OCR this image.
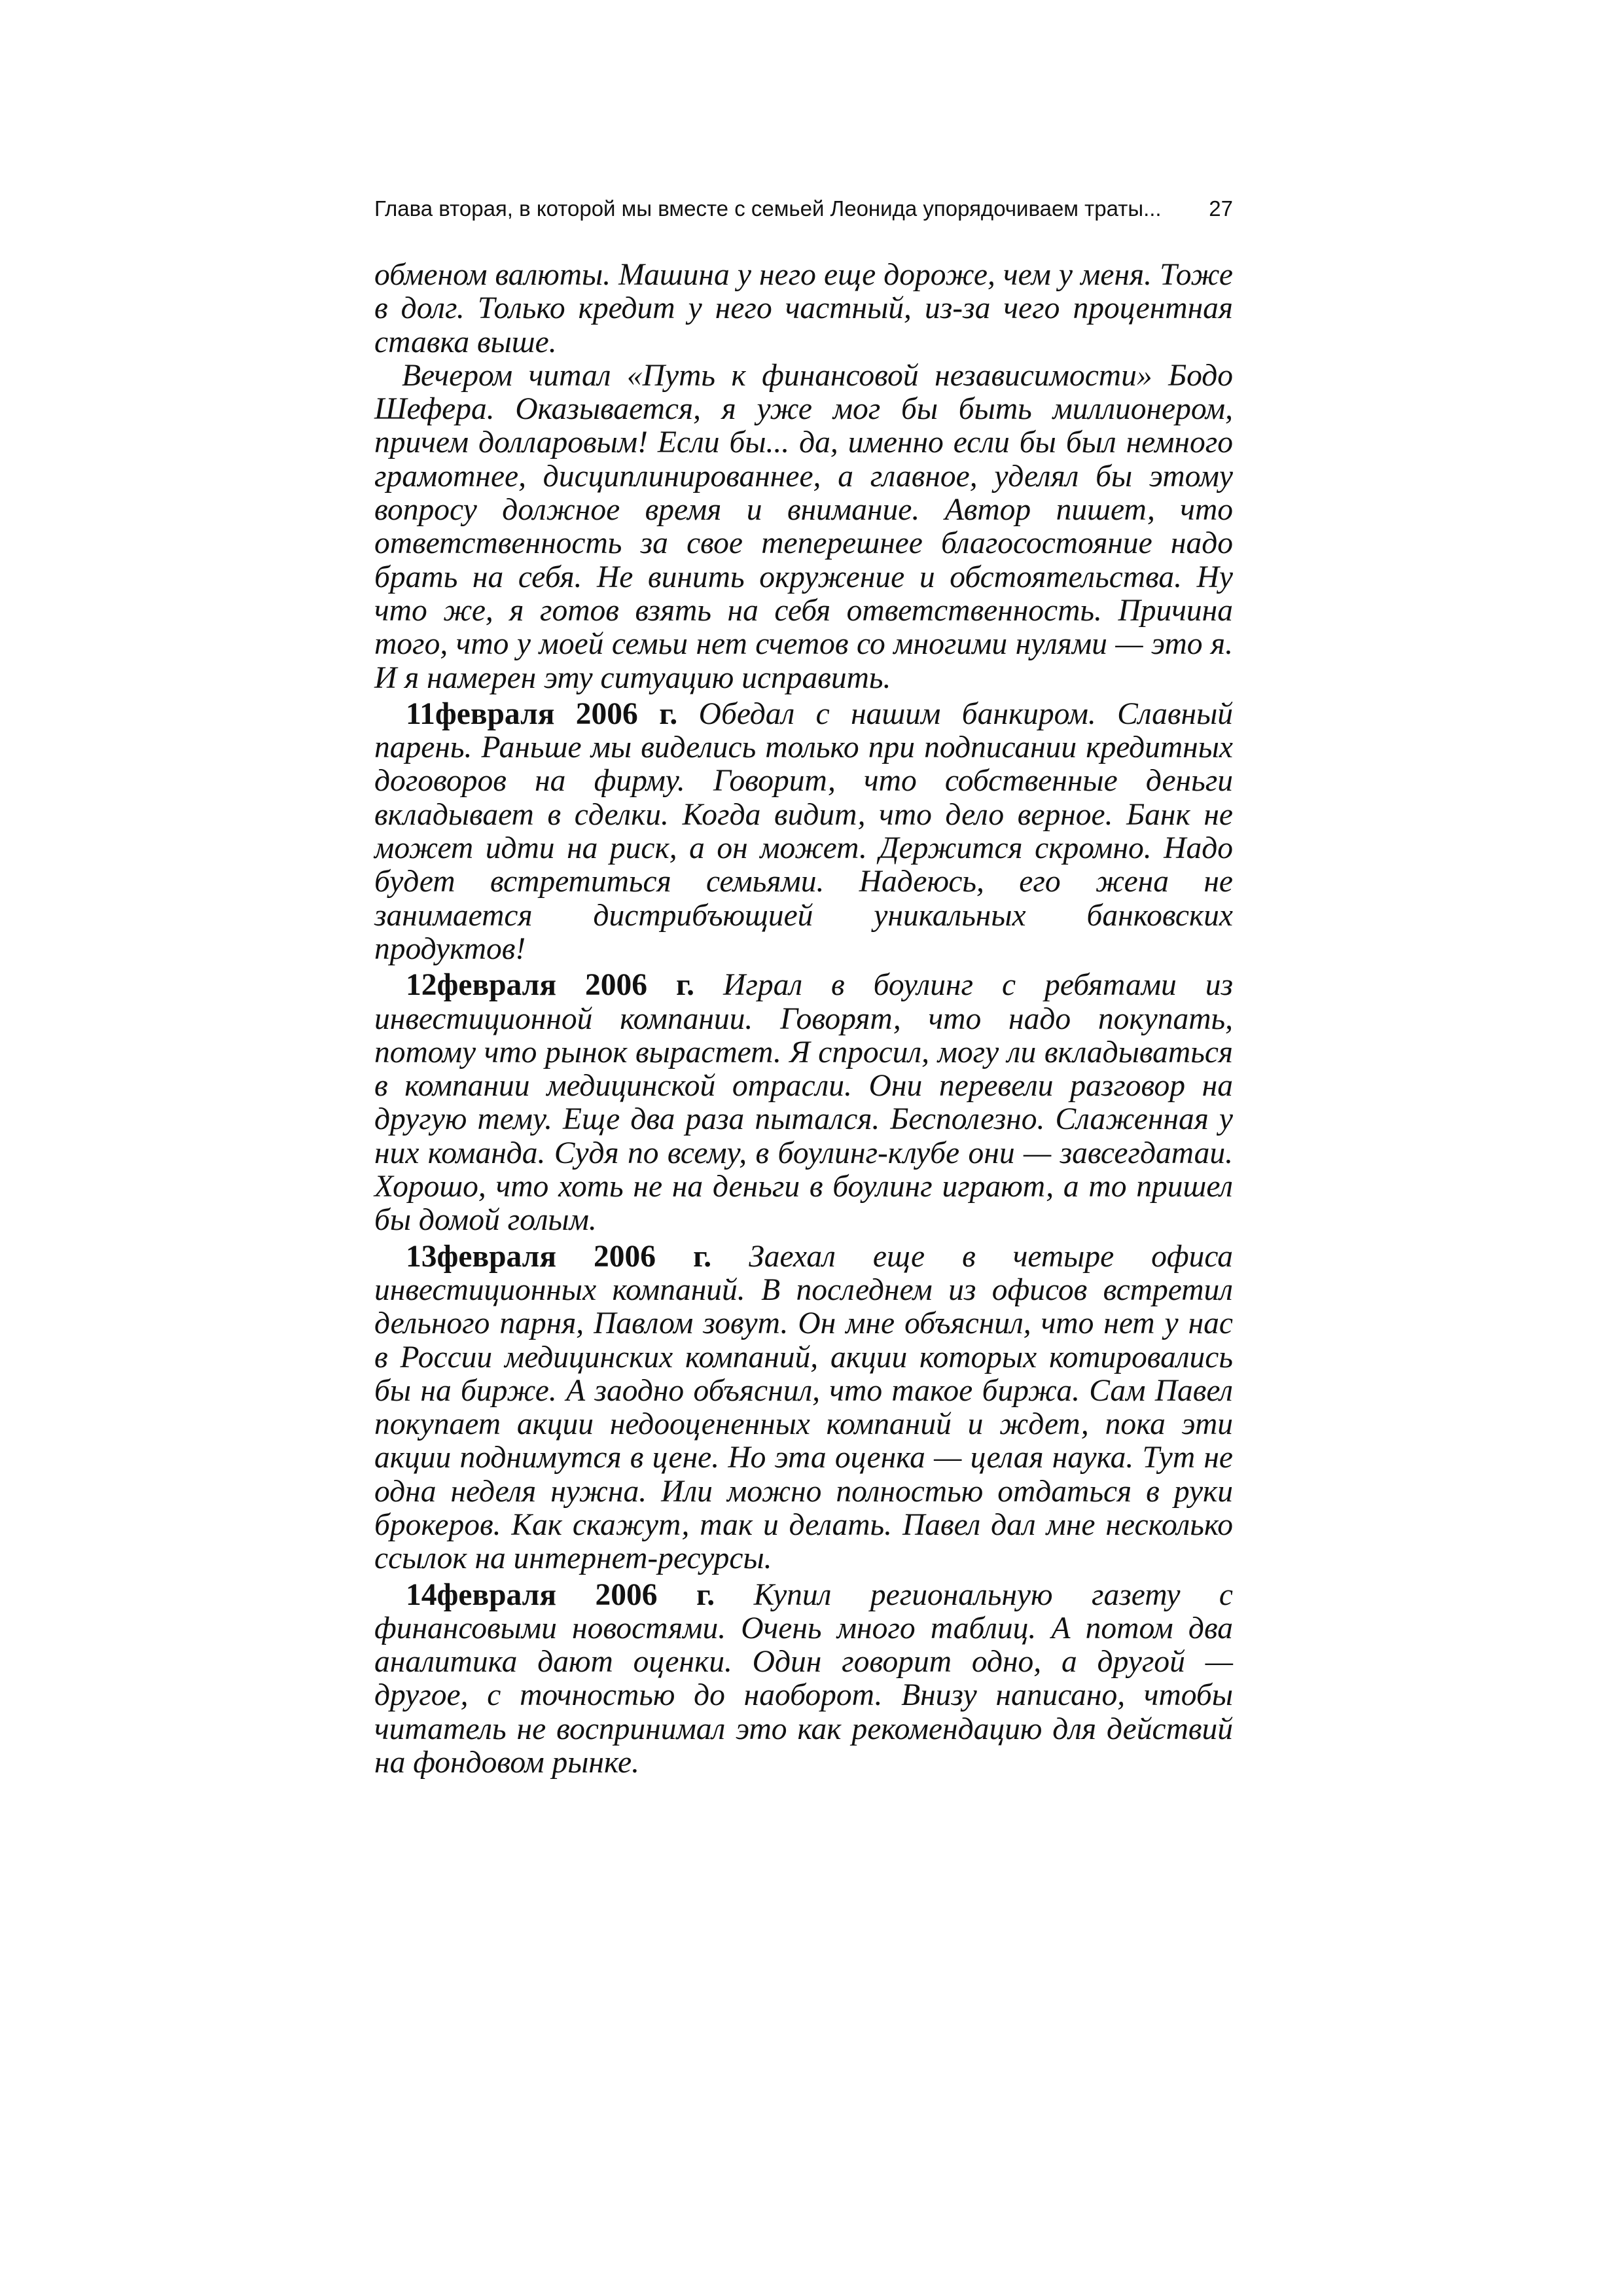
Глава вторая, в которой мы вместе с семьей Леонида упорядочиваем траты... 27

обменом валюты. Машина у него еще дороже, чем у меня. Тоже в долг. Только кредит у него частный, из-за чего процентная ставка выше.

Вечером читал «Путь к финансовой независимости» Бодо Шефера. Оказывается, я уже мог бы быть миллионером, причем долларовым! Если бы... да, именно если бы был немного грамотнее, дисциплинированнее, а главное, уделял бы этому вопросу должное время и внимание. Автор пишет, что ответственность за свое теперешнее благосостояние надо брать на себя. Не винить окружение и обстоятельства. Ну что же, я готов взять на себя ответственность. Причина того, что у моей семьи нет счетов со многими нулями — это я. И я намерен эту ситуацию исправить.

11февраля 2006 г. Обедал с нашим банкиром. Славный парень. Раньше мы виделись только при подписании кредитных договоров на фирму. Говорит, что собственные деньги вкладывает в сделки. Когда видит, что дело верное. Банк не может идти на риск, а он может. Держится скромно. Надо будет встретиться семьями. Надеюсь, его жена не занимается дистрибъющией уникальных банковских продуктов!

12февраля 2006 г. Играл в боулинг с ребятами из инвестиционной компании. Говорят, что надо покупать, потому что рынок вырастет. Я спросил, могу ли вкладываться в компании медицинской отрасли. Они перевели разговор на другую тему. Еще два раза пытался. Бесполезно. Слаженная у них команда. Судя по всему, в боулинг-клубе они — завсегдатаи. Хорошо, что хоть не на деньги в боулинг играют, а то пришел бы домой голым.

13февраля 2006 г. Заехал еще в четыре офиса инвестиционных компаний. В последнем из офисов встретил дельного парня, Павлом зовут. Он мне объяснил, что нет у нас в России медицинских компаний, акции которых котировались бы на бирже. А заодно объяснил, что такое биржа. Сам Павел покупает акции недооцененных компаний и ждет, пока эти акции поднимутся в цене. Но эта оценка — целая наука. Тут не одна неделя нужна. Или можно полностью отдаться в руки брокеров. Как скажут, так и делать. Павел дал мне несколько ссылок на интернет-ресурсы.

14февраля 2006 г. Купил региональную газету с финансовыми новостями. Очень много таблиц. А потом два аналитика дают оценки. Один говорит одно, а другой — другое, с точностью до наоборот. Внизу написано, чтобы читатель не воспринимал это как рекомендацию для действий на фондовом рынке.
